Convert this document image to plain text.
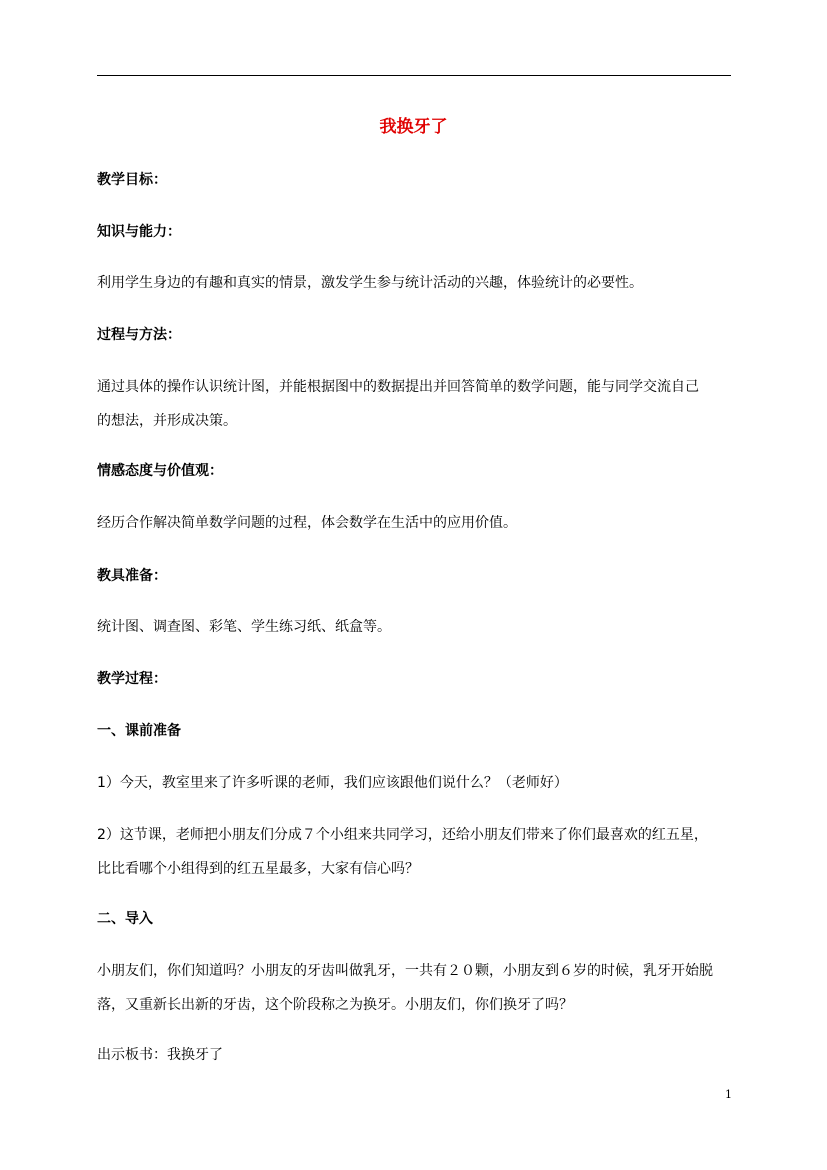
我换牙了
教学目标：
知识与能力：
利用学生身边的有趣和真实的情景，激发学生参与统计活动的兴趣，体验统计的必要性。
过程与方法：
通过具体的操作认识统计图，并能根据图中的数据提出并回答简单的数学问题，能与同学交流自己
的想法，并形成决策。
情感态度与价值观：
经历合作解决简单数学问题的过程，体会数学在生活中的应用价值。
教具准备：
统计图、调查图、彩笔、学生练习纸、纸盒等。
教学过程：
一、课前准备
1）今天，教室里来了许多听课的老师，我们应该跟他们说什么？（老师好）
2）这节课，老师把小朋友们分成７个小组来共同学习，还给小朋友们带来了你们最喜欢的红五星，
比比看哪个小组得到的红五星最多，大家有信心吗？
二、导入
小朋友们，你们知道吗？小朋友的牙齿叫做乳牙，一共有２０颗，小朋友到６岁的时候，乳牙开始脱
落，又重新长出新的牙齿，这个阶段称之为换牙。小朋友们，你们换牙了吗？
出示板书：我换牙了
1
